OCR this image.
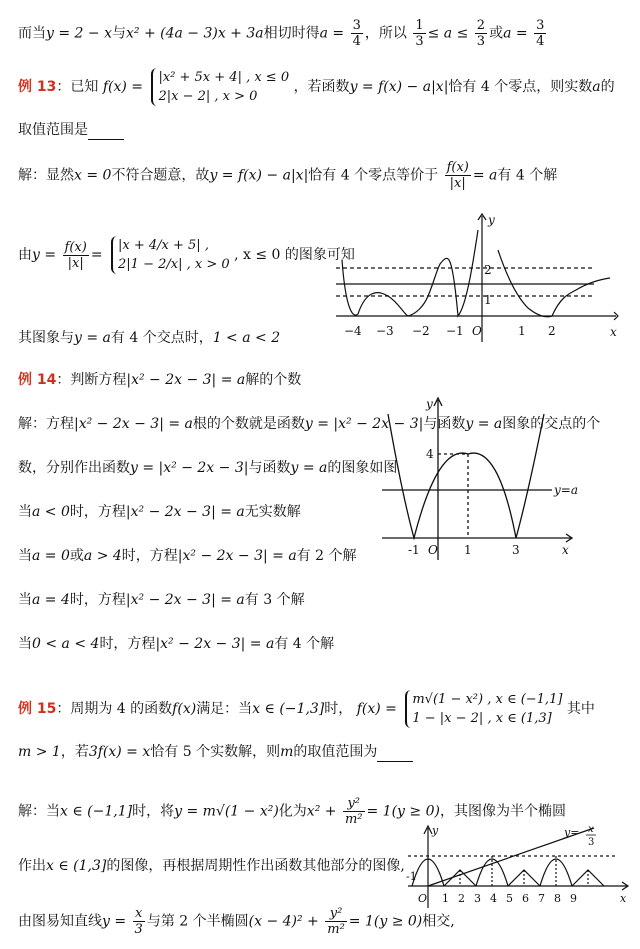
而当y = 2 − x与x² + (4a − 3)x + 3a相切时得$a = \frac{3}{4}$ ，所以 $\frac{1}{3} \le a \le \frac{2}{3}$ 或$a = \frac{3}{4}$
例 13：已知 f(x) =
|x² + 5x + 4| , x ≤ 0
2|x − 2| , x > 0
，若函数y = f(x) − a|x|恰有 4 个零点，则实数a的
取值范围是
解：显然x = 0不符合题意，故y = f(x) − a|x|恰有 4 个零点等价于 $\frac{f(x)}{|x|} = a$有 4 个解
由$y = \frac{f(x)}{|x|}$ =
|x + 4/x + 5| ,
2|1 − 2/x| , x > 0
, x ≤ 0 的图象可知
其图象与y = a有 4 个交点时，1 < a < 2	x
y
−4 −3 −2 −1 O	1 2
1
2
例 14：判断方程|x² − 2x − 3| = a解的个数
解：方程|x² − 2x − 3| = a根的个数就是函数y = |x² − 2x − 3|与函数y = a图象的交点的个
数，分别作出函数y = |x² − 2x − 3|与函数y = a的图象如图
当a < 0时，方程|x² − 2x − 3| = a无实数解
当a = 0或a > 4时，方程|x² − 2x − 3| = a有 2 个解
当a = 4时，方程|x² − 2x − 3| = a有 3 个解
当0 < a < 4时，方程|x² − 2x − 3| = a有 4 个解
x
y
-1 O 1	3
4
y=a
例 15：周期为 4 的函数f(x)满足：当x ∈ (−1,3]时， f(x) =
m√(1 − x²) , x ∈ (−1,1]
1 − |x − 2| , x ∈ (1,3]
其中
m > 1，若3f(x) = x恰有 5 个实数解，则m的取值范围为
解：当x ∈ (−1,1]时，将y = m√(1 − x²)化为$x^2 + \frac{\text{y²}}{\text{m²}} = 1(y \ge 0)$，其图像为半个椭圆
作出x ∈ (1,3]的图像，再根据周期性作出函数其他部分的图像,
由图易知直线$y = \frac{x}{3}$ 与第 2 个半椭圆$(x - 4)^2 + \frac{\text{y²}}{\text{m²}} = 1(y \ge 0)$相交,
x
y
O 1 2 3 4 5 6 7 8 9
-1
y= x
3
